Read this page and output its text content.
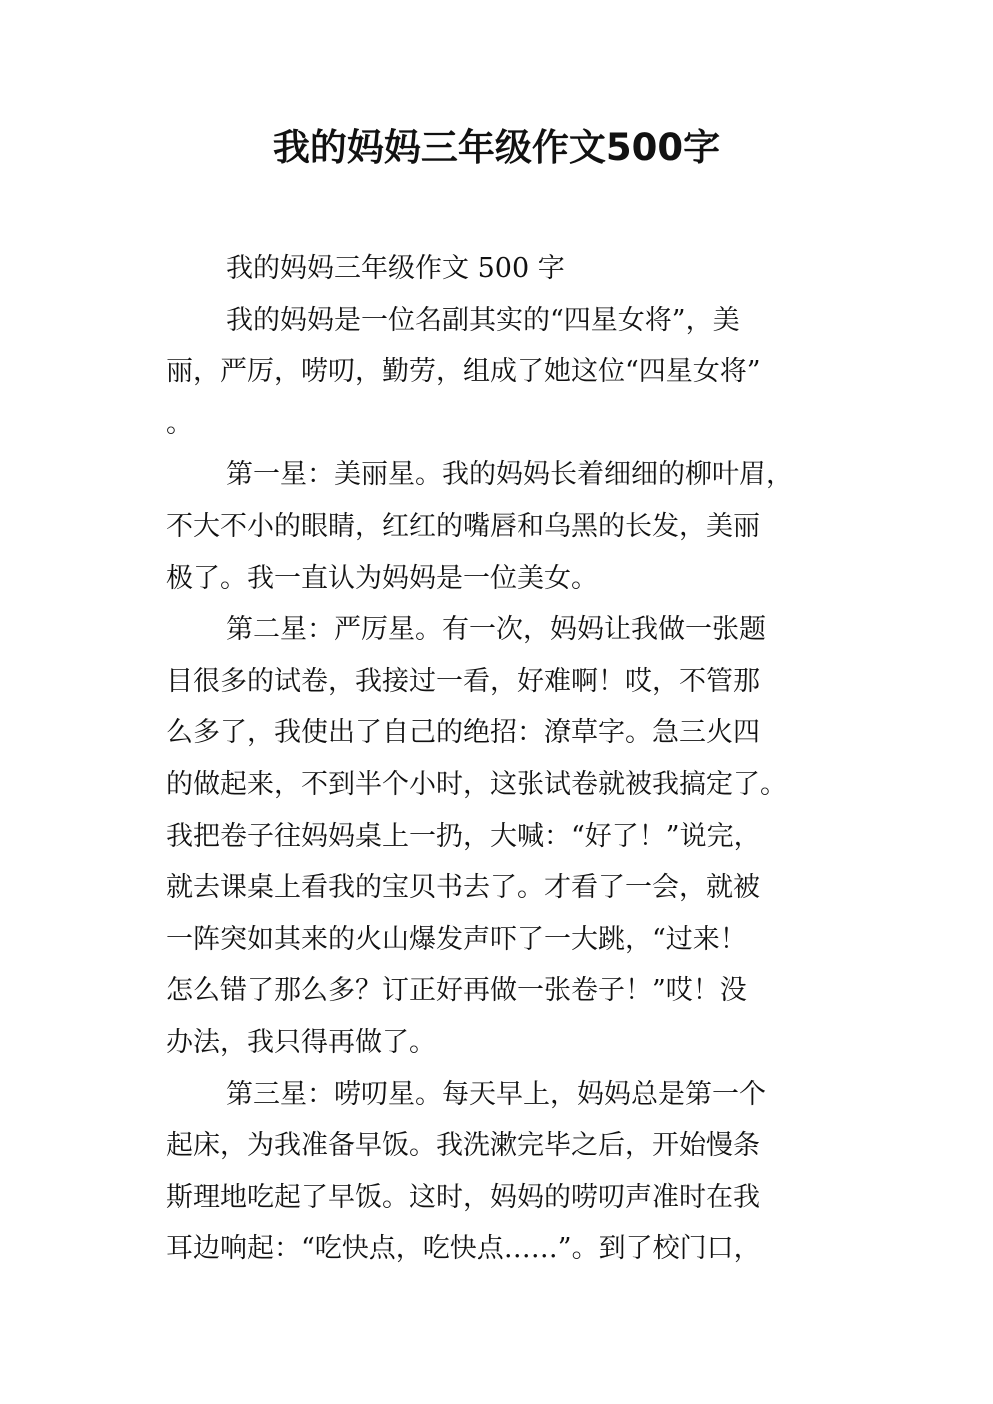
我的妈妈三年级作文500字
我的妈妈三年级作文 500 字
我的妈妈是一位名副其实的“四星女将”，美
丽，严厉，唠叨，勤劳，组成了她这位“四星女将”
。
第一星：美丽星。我的妈妈长着细细的柳叶眉，
不大不小的眼睛，红红的嘴唇和乌黑的长发，美丽
极了。我一直认为妈妈是一位美女。
第二星：严厉星。有一次，妈妈让我做一张题
目很多的试卷，我接过一看，好难啊！哎，不管那
么多了，我使出了自己的绝招：潦草字。急三火四
的做起来，不到半个小时，这张试卷就被我搞定了。
我把卷子往妈妈桌上一扔，大喊：“好了！”说完，
就去课桌上看我的宝贝书去了。才看了一会，就被
一阵突如其来的火山爆发声吓了一大跳，“过来！
怎么错了那么多？订正好再做一张卷子！”哎！没
办法，我只得再做了。
第三星：唠叨星。每天早上，妈妈总是第一个
起床，为我准备早饭。我洗漱完毕之后，开始慢条
斯理地吃起了早饭。这时，妈妈的唠叨声准时在我
耳边响起：“吃快点，吃快点……”。到了校门口，
